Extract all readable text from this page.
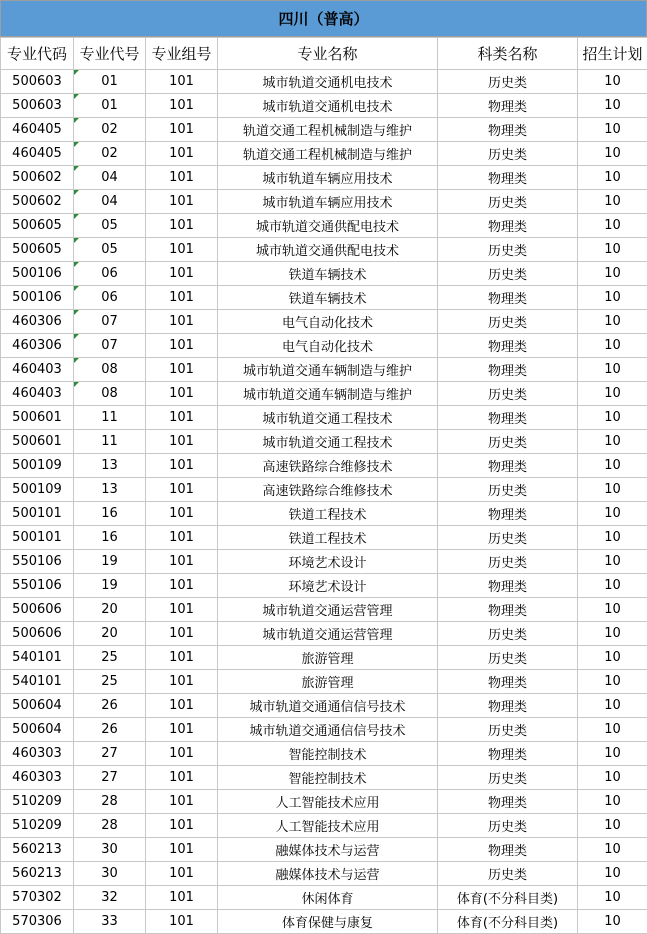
四川（普高）
专业代码	专业代号	专业组号	专业名称	科类名称	招生计划
500603	01	101	城市轨道交通机电技术	历史类	10
500603	01	101	城市轨道交通机电技术	物理类	10
460405	02	101	轨道交通工程机械制造与维护	物理类	10
460405	02	101	轨道交通工程机械制造与维护	历史类	10
500602	04	101	城市轨道车辆应用技术	物理类	10
500602	04	101	城市轨道车辆应用技术	历史类	10
500605	05	101	城市轨道交通供配电技术	物理类	10
500605	05	101	城市轨道交通供配电技术	历史类	10
500106	06	101	铁道车辆技术	历史类	10
500106	06	101	铁道车辆技术	物理类	10
460306	07	101	电气自动化技术	历史类	10
460306	07	101	电气自动化技术	物理类	10
460403	08	101	城市轨道交通车辆制造与维护	物理类	10
460403	08	101	城市轨道交通车辆制造与维护	历史类	10
500601	11	101	城市轨道交通工程技术	物理类	10
500601	11	101	城市轨道交通工程技术	历史类	10
500109	13	101	高速铁路综合维修技术	物理类	10
500109	13	101	高速铁路综合维修技术	历史类	10
500101	16	101	铁道工程技术	物理类	10
500101	16	101	铁道工程技术	历史类	10
550106	19	101	环境艺术设计	历史类	10
550106	19	101	环境艺术设计	物理类	10
500606	20	101	城市轨道交通运营管理	物理类	10
500606	20	101	城市轨道交通运营管理	历史类	10
540101	25	101	旅游管理	历史类	10
540101	25	101	旅游管理	物理类	10
500604	26	101	城市轨道交通通信信号技术	物理类	10
500604	26	101	城市轨道交通通信信号技术	历史类	10
460303	27	101	智能控制技术	物理类	10
460303	27	101	智能控制技术	历史类	10
510209	28	101	人工智能技术应用	物理类	10
510209	28	101	人工智能技术应用	历史类	10
560213	30	101	融媒体技术与运营	物理类	10
560213	30	101	融媒体技术与运营	历史类	10
570302	32	101	休闲体育	体育(不分科目类)	10
570306	33	101	体育保健与康复	体育(不分科目类)	10
